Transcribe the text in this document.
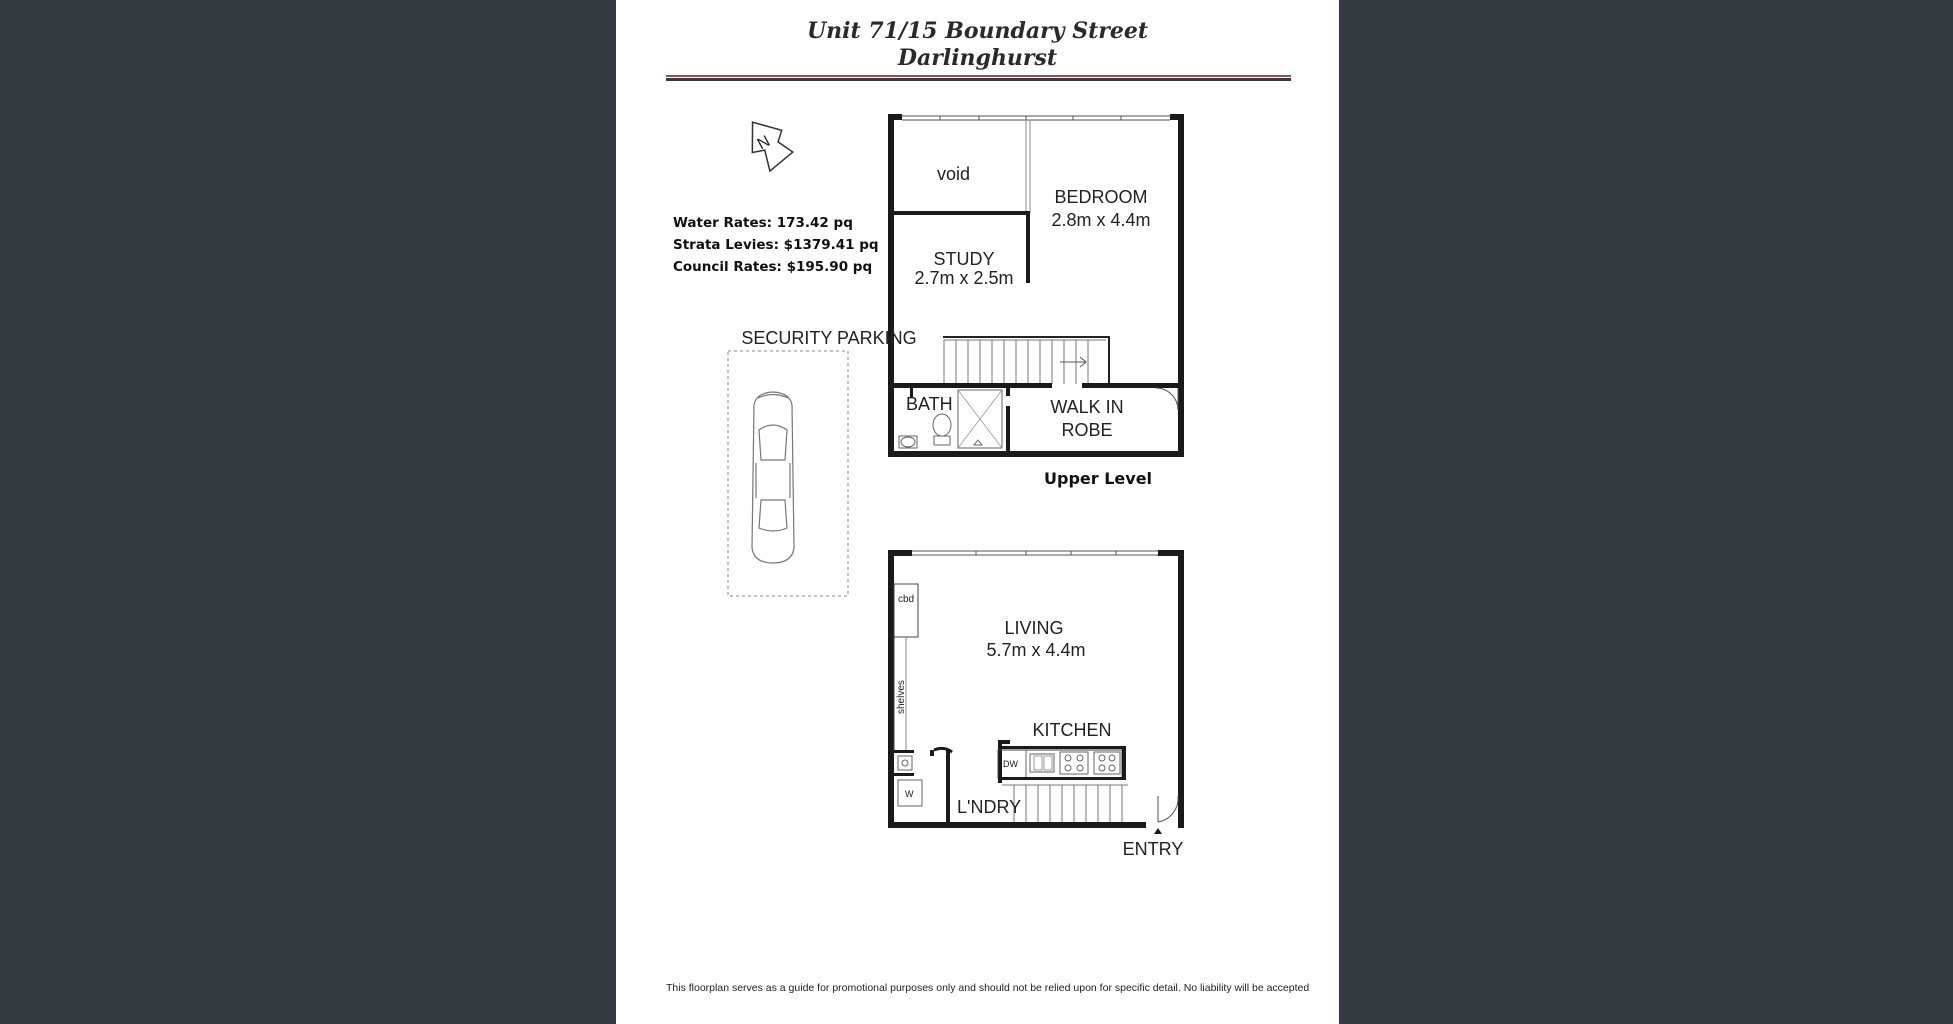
Unit 71/15 Boundary Street
Darlinghurst
N
Water Rates: 173.42 pq
Strata Levies: $1379.41 pq
Council Rates: $195.90 pq
Upper Level
void
BEDROOM
2.8m x 4.4m
STUDY
2.7m x 2.5m
BATH	WALK IN
ROBE
SECURITY PARKING
cbd
shelves
DW
W
LIVING
5.7m x 4.4m
KITCHEN
L'NDRY
ENTRY
This floorplan serves as a guide for promotional purposes only and should not be relied upon for specific detail. No liability will be accepted
